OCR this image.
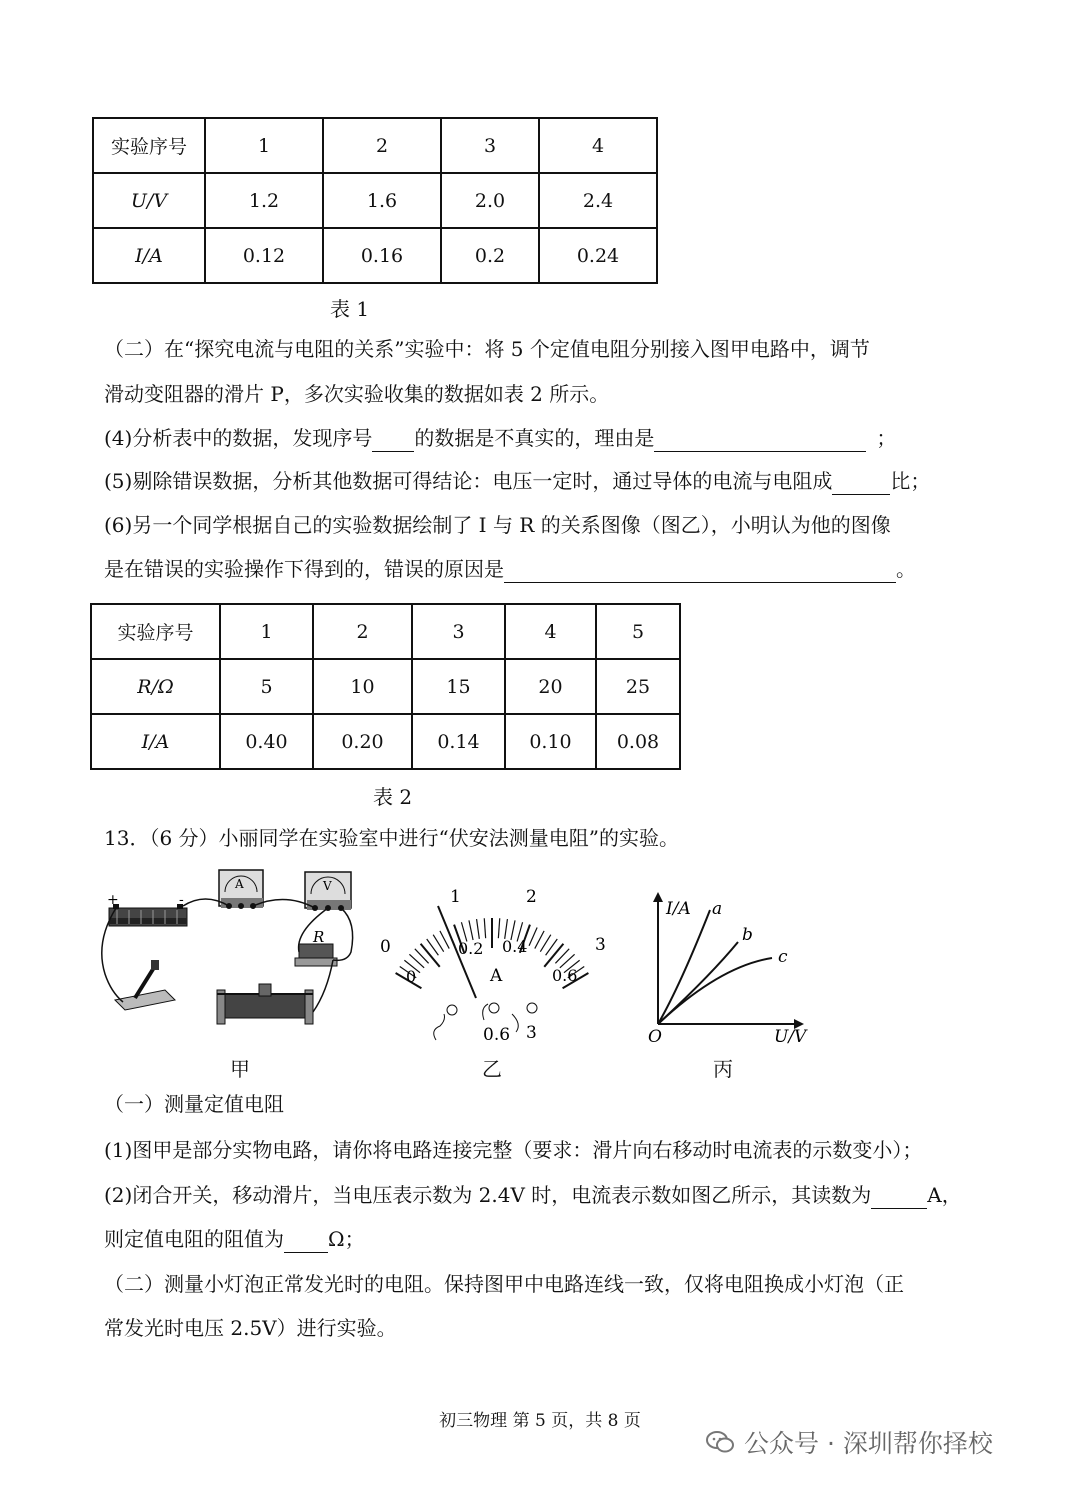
实验序号	1	2	3	4
U/V	1.2	1.6	2.0	2.4
I/A	0.12	0.16	0.2	0.24
表 1
（二）在“探究电流与电阻的关系”实验中：将 5 个定值电阻分别接入图甲电路中，调节
滑动变阻器的滑片 P，多次实验收集的数据如表 2 所示。
(4)分析表中的数据，发现序号 的数据是不真实的，理由是	；
(5)剔除错误数据，分析其他数据可得结论：电压一定时，通过导体的电流与电阻成	比；
(6)另一个同学根据自己的实验数据绘制了 I 与 R 的关系图像（图乙），小明认为他的图像
是在错误的实验操作下得到的，错误的原因是	。
实验序号	1	2	3	4	5
R/Ω	5	10	15	20	25
I/A	0.40	0.20	0.14	0.10	0.08
表 2
13．（6 分）小丽同学在实验室中进行“伏安法测量电阻”的实验。
+	-
A	V
R
甲
0
1	2
3
0
0.2 0.4
0.6
A
0.6 3
乙
I/A
U/V
O
a
b
c
丙
（一）测量定值电阻
(1)图甲是部分实物电路，请你将电路连接完整（要求：滑片向右移动时电流表的示数变小）；
(2)闭合开关，移动滑片，当电压表示数为 2.4V 时，电流表示数如图乙所示，其读数为	A，
则定值电阻的阻值为 Ω；
（二）测量小灯泡正常发光时的电阻。保持图甲中电路连线一致，仅将电阻换成小灯泡（正
常发光时电压 2.5V）进行实验。
初三物理 第 5 页，共 8 页
公众号 · 深圳帮你择校
